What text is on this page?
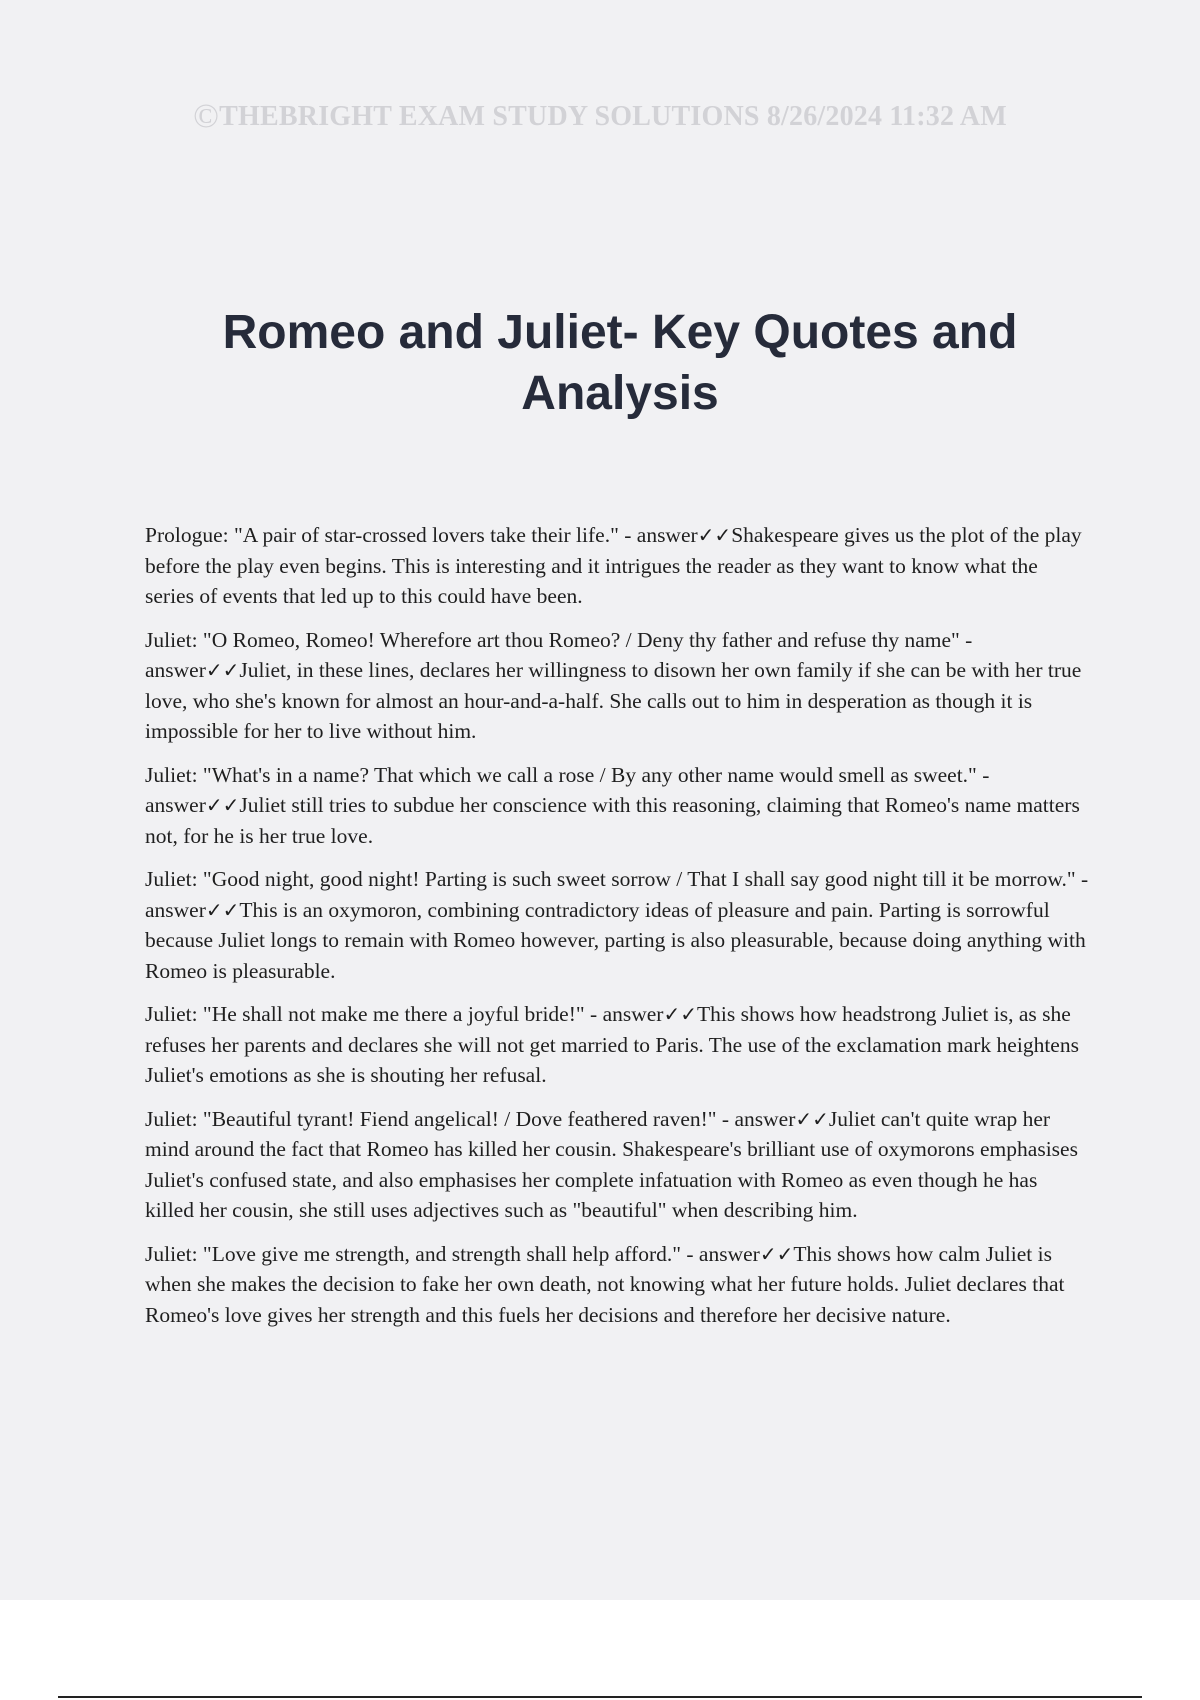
©THEBRIGHT EXAM STUDY SOLUTIONS 8/26/2024 11:32 AM
Romeo and Juliet- Key Quotes and Analysis

Prologue: "A pair of star-crossed lovers take their life." - answer✓✓Shakespeare gives us the plot of the play before the play even begins. This is interesting and it intrigues the reader as they want to know what the series of events that led up to this could have been.

Juliet: "O Romeo, Romeo! Wherefore art thou Romeo? / Deny thy father and refuse thy name" - answer✓✓Juliet, in these lines, declares her willingness to disown her own family if she can be with her true love, who she's known for almost an hour-and-a-half. She calls out to him in desperation as though it is impossible for her to live without him.

Juliet: "What's in a name? That which we call a rose / By any other name would smell as sweet." - answer✓✓Juliet still tries to subdue her conscience with this reasoning, claiming that Romeo's name matters not, for he is her true love.

Juliet: "Good night, good night! Parting is such sweet sorrow / That I shall say good night till it be morrow." - answer✓✓This is an oxymoron, combining contradictory ideas of pleasure and pain. Parting is sorrowful because Juliet longs to remain with Romeo however, parting is also pleasurable, because doing anything with Romeo is pleasurable.

Juliet: "He shall not make me there a joyful bride!" - answer✓✓This shows how headstrong Juliet is, as she refuses her parents and declares she will not get married to Paris. The use of the exclamation mark heightens Juliet's emotions as she is shouting her refusal.

Juliet: "Beautiful tyrant! Fiend angelical! / Dove feathered raven!" - answer✓✓Juliet can't quite wrap her mind around the fact that Romeo has killed her cousin. Shakespeare's brilliant use of oxymorons emphasises Juliet's confused state, and also emphasises her complete infatuation with Romeo as even though he has killed her cousin, she still uses adjectives such as "beautiful" when describing him.

Juliet: "Love give me strength, and strength shall help afford." - answer✓✓This shows how calm Juliet is when she makes the decision to fake her own death, not knowing what her future holds. Juliet declares that Romeo's love gives her strength and this fuels her decisions and therefore her decisive nature.
